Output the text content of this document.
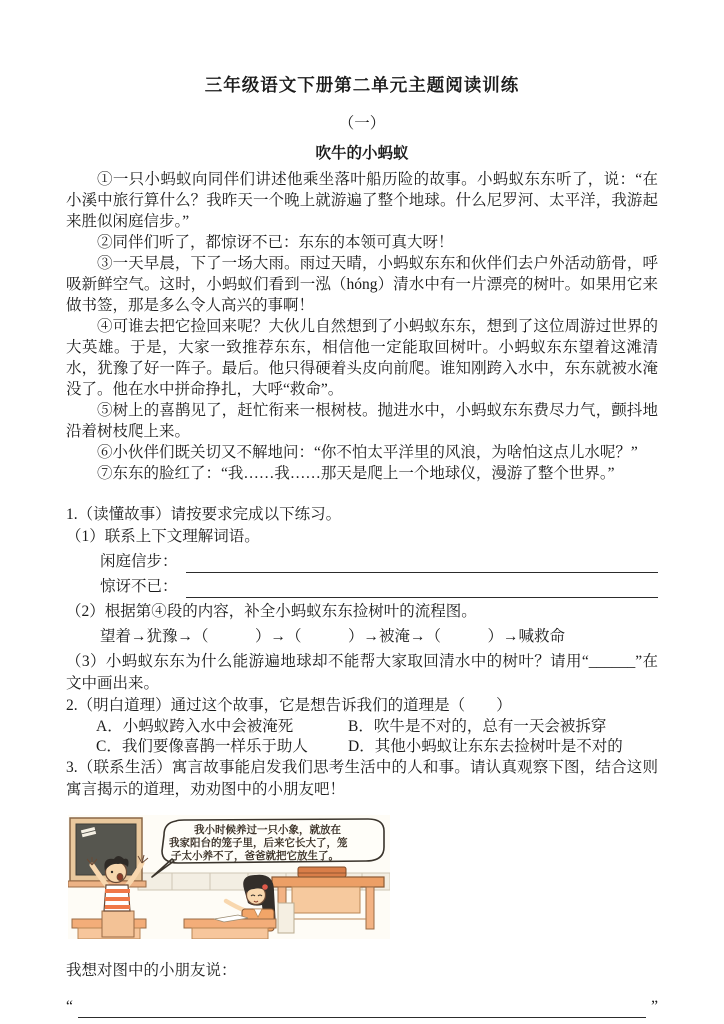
三年级语文下册第二单元主题阅读训练
（一）
吹牛的小蚂蚁

①一只小蚂蚁向同伴们讲述他乘坐落叶船历险的故事。小蚂蚁东东听了，说：“在小溪中旅行算什么？我昨天一个晚上就游遍了整个地球。什么尼罗河、太平洋，我游起来胜似闲庭信步。”

②同伴们听了，都惊讶不已：东东的本领可真大呀！

③一天早晨，下了一场大雨。雨过天晴，小蚂蚁东东和伙伴们去户外活动筋骨，呼吸新鲜空气。这时，小蚂蚁们看到一泓（hóng）清水中有一片漂亮的树叶。如果用它来做书签，那是多么令人高兴的事啊！

④可谁去把它捡回来呢？大伙儿自然想到了小蚂蚁东东，想到了这位周游过世界的大英雄。于是，大家一致推荐东东，相信他一定能取回树叶。小蚂蚁东东望着这滩清水，犹豫了好一阵子。最后。他只得硬着头皮向前爬。谁知刚跨入水中，东东就被水淹没了。他在水中拼命挣扎，大呼“救命”。

⑤树上的喜鹊见了，赶忙衔来一根树枝。抛进水中，小蚂蚁东东费尽力气，颤抖地沿着树枝爬上来。

⑥小伙伴们既关切又不解地问：“你不怕太平洋里的风浪，为啥怕这点儿水呢？”

⑦东东的脸红了：“我……我……那天是爬上一个地球仪，漫游了整个世界。”

1.（读懂故事）请按要求完成以下练习。

（1）联系上下文理解词语。

闲庭信步：
惊讶不已：

（2）根据第④段的内容，补全小蚂蚁东东捡树叶的流程图。

望着→犹豫→（　　　）→（　　　）→被淹→（　　　）→喊救命

（3）小蚂蚁东东为什么能游遍地球却不能帮大家取回清水中的树叶？请用“______”在文中画出来。

2.（明白道理）通过这个故事，它是想告诉我们的道理是（　　）

A．小蚂蚁跨入水中会被淹死	B．吹牛是不对的，总有一天会被拆穿
C．我们要像喜鹊一样乐于助人	D．其他小蚂蚁让东东去捡树叶是不对的

3.（联系生活）寓言故事能启发我们思考生活中的人和事。请认真观察下图，结合这则寓言揭示的道理，劝劝图中的小朋友吧！

我小时候养过一只小象，就放在
我家阳台的笼子里，后来它长大了，笼
子太小养不了，爸爸就把它放生了。

我想对图中的小朋友说：

“	”
